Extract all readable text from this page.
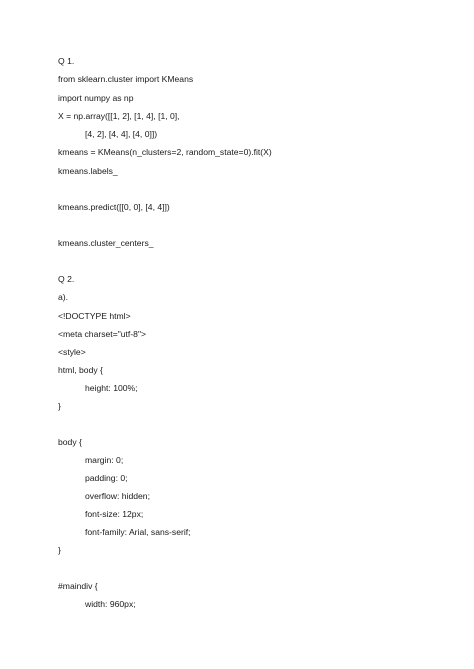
Q 1.
from sklearn.cluster import KMeans
import numpy as np
X = np.array([[1, 2], [1, 4], [1, 0],
[4, 2], [4, 4], [4, 0]])
kmeans = KMeans(n_clusters=2, random_state=0).fit(X)
kmeans.labels_
kmeans.predict([[0, 0], [4, 4]])
kmeans.cluster_centers_
Q 2.
a).
<!DOCTYPE html>
<meta charset="utf-8">
<style>
html, body {
height: 100%;
}
body {
margin: 0;
padding: 0;
overflow: hidden;
font-size: 12px;
font-family: Arial, sans-serif;
}
#maindiv {
width: 960px;
